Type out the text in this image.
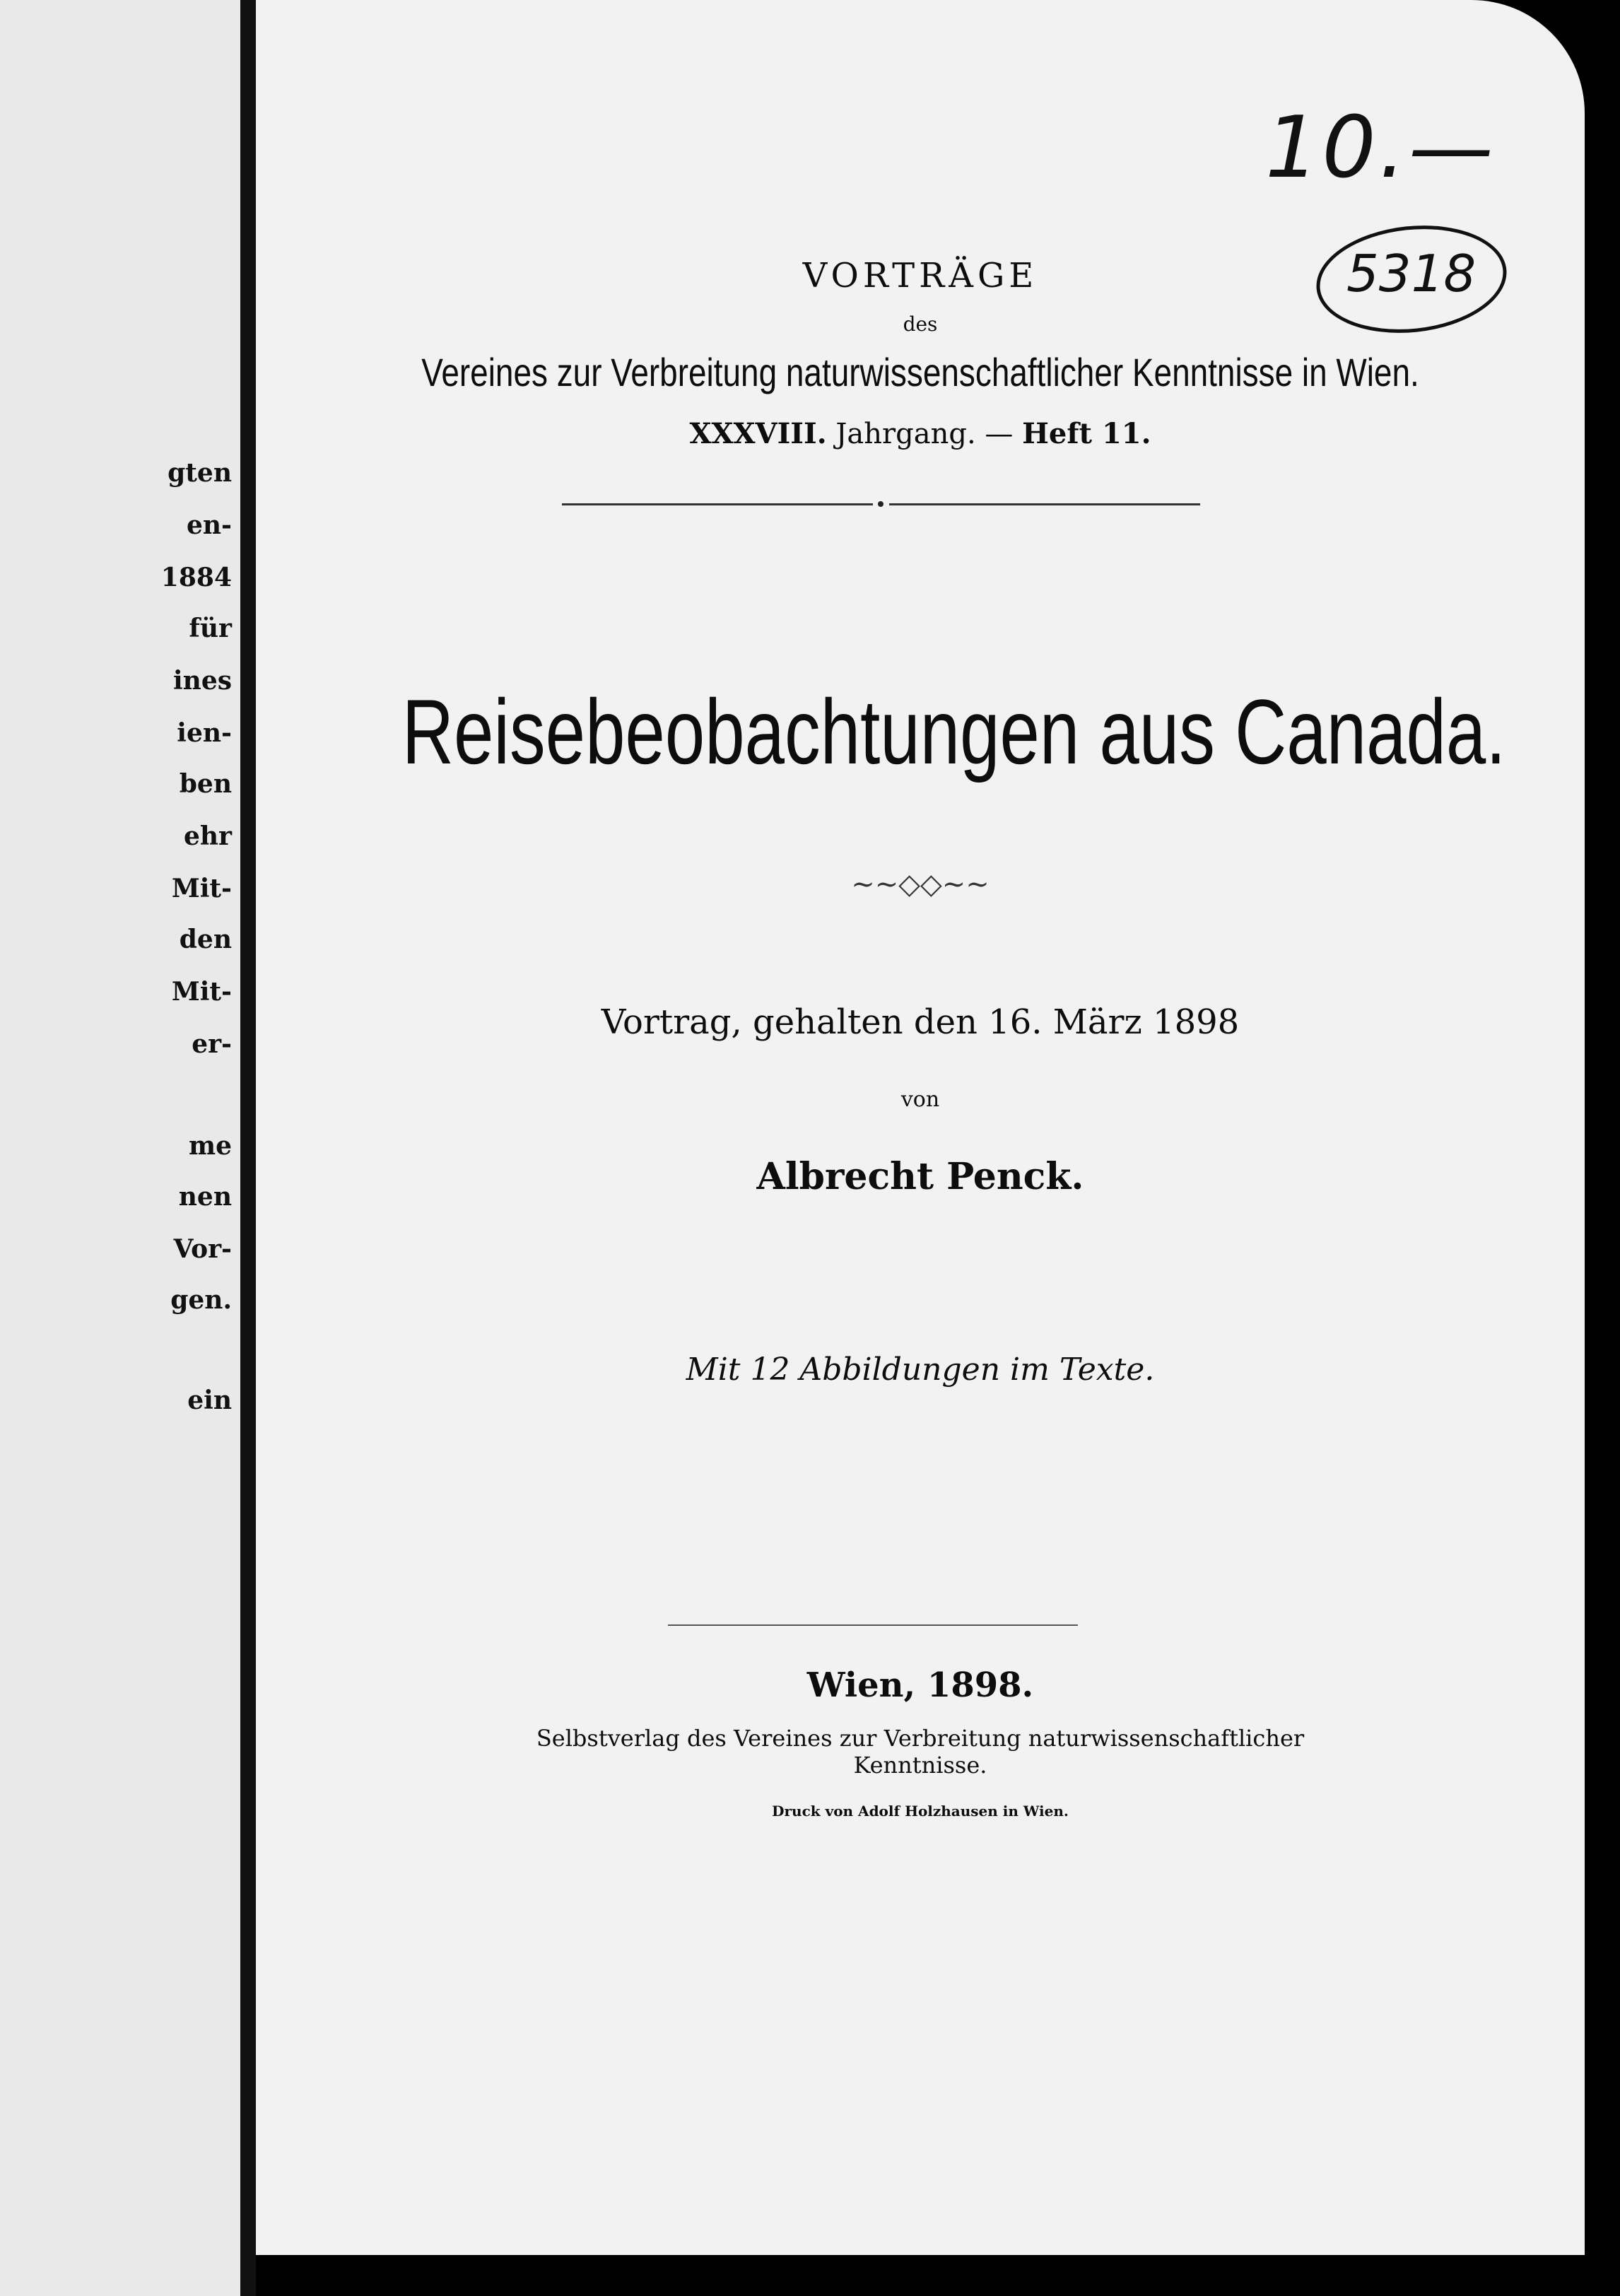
gten
en-
1884
für
ines
ien-
ben
ehr
Mit-
den
Mit-
er-
me
nen
Vor-
gen.
ein
10.—
5318
VORTRÄGE
des
Vereines zur Verbreitung naturwissenschaftlicher Kenntnisse in Wien.
XXXVIII. Jahrgang. — Heft 11.
Reisebeobachtungen aus Canada.
~~◇◇~~
Vortrag, gehalten den 16. März 1898
von
Albrecht Penck.
Mit 12 Abbildungen im Texte.
Wien, 1898.
Selbstverlag des Vereines zur Verbreitung naturwissenschaftlicher
Kenntnisse.
Druck von Adolf Holzhausen in Wien.
